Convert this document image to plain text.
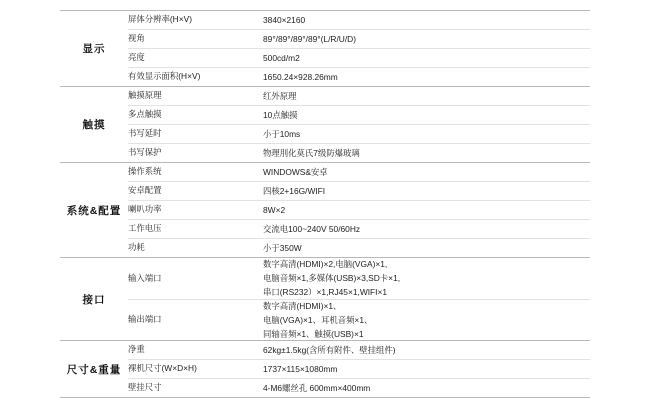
显示	屏体分辨率(H×V)	3840×2160

	视角	89°/89°/89°/89°(L/R/U/D)

	亮度	500cd/m2

	有效显示面积(H×V)	1650.24×928.26mm

触摸	触摸原理	红外原理

	多点触摸	10点触摸

	书写延时	小于10ms

	书写保护	物理刖化莫氏7级防爆玻璃

系统&配置	操作系统	WINDOWS&安卓

	安卓配置	四核2+16G/WIFI

	喇叭功率	8W×2

	工作电压	交流电100~240V 50/60Hz

	功耗	小于350W

接口	输入端口	数字高清(HDMI)×2,电脑(VGA)×1,
电脑音频×1,多媒体(USB)×3,SD卡×1,
串口(RS232）×1,RJ45×1,WIFI×1

	输出端口	数字高清(HDMI)×1、
电脑(VGA)×1、耳机音频×1、
同轴音频×1、触摸(USB)×1

尺寸&重量	净重	62kg±1.5kg(含所有附件、壁挂组件)

	裸机尺寸(W×D×H)	1737×115×1080mm

	壁挂尺寸	4-M6螺丝孔 600mm×400mm
